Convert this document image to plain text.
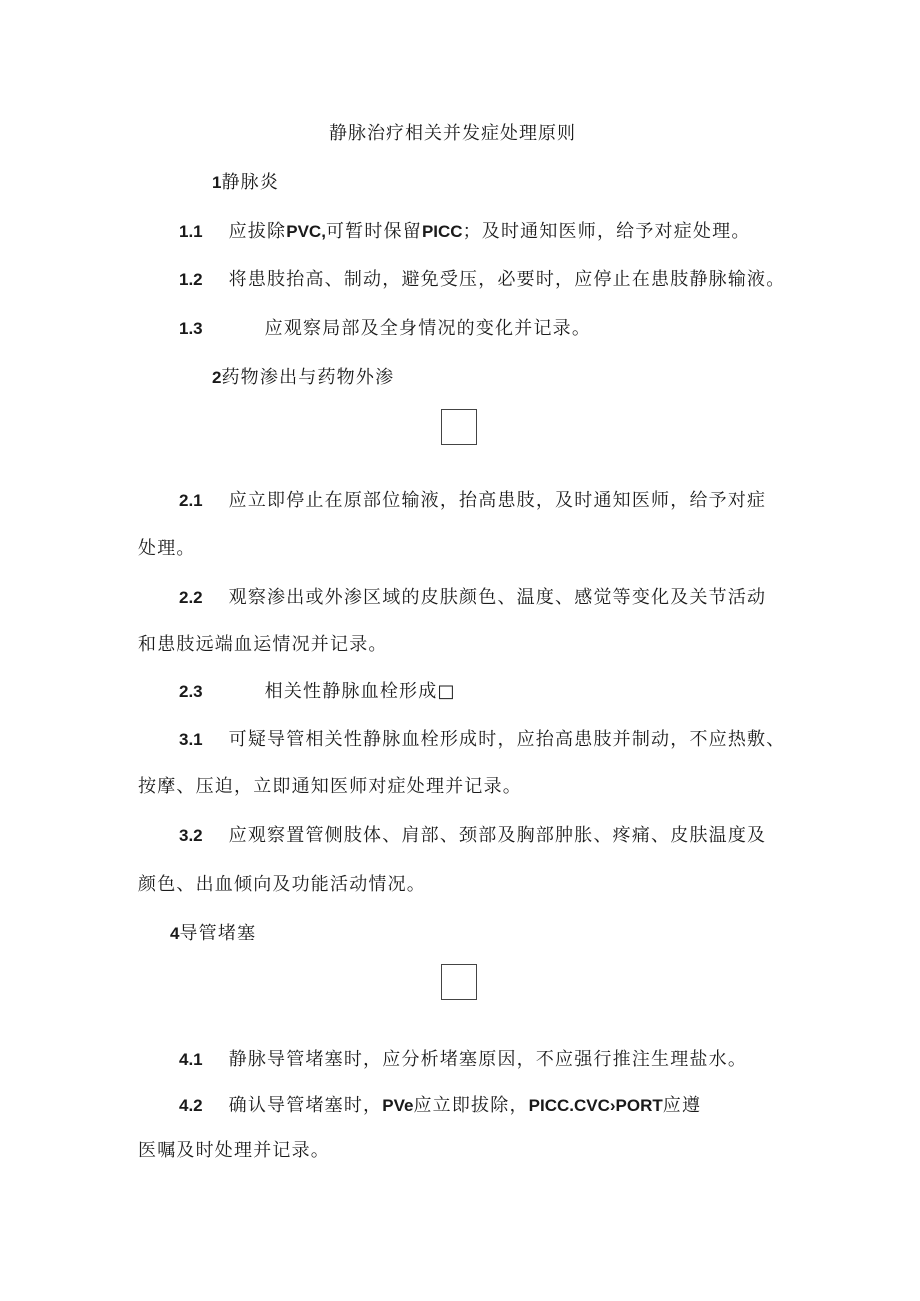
静脉治疗相关并发症处理原则
1静脉炎
1.1 应拔除PVC,可暂时保留PICC；及时通知医师，给予对症处理。
1.2 将患肢抬高、制动，避免受压，必要时，应停止在患肢静脉输液。
1.3	应观察局部及全身情况的变化并记录。
2药物渗出与药物外渗
2.1 应立即停止在原部位输液，抬高患肢，及时通知医师，给予对症
处理。
2.2 观察渗出或外渗区域的皮肤颜色、温度、感觉等变化及关节活动
和患肢远端血运情况并记录。
2.3	相关性静脉血栓形成□
3.1 可疑导管相关性静脉血栓形成时，应抬高患肢并制动，不应热敷、
按摩、压迫，立即通知医师对症处理并记录。
3.2 应观察置管侧肢体、肩部、颈部及胸部肿胀、疼痛、皮肤温度及
颜色、出血倾向及功能活动情况。
4导管堵塞
4.1 静脉导管堵塞时，应分析堵塞原因，不应强行推注生理盐水。
4.2 确认导管堵塞时，PVe应立即拔除，PICC.CVC›PORT应遵
医嘱及时处理并记录。
